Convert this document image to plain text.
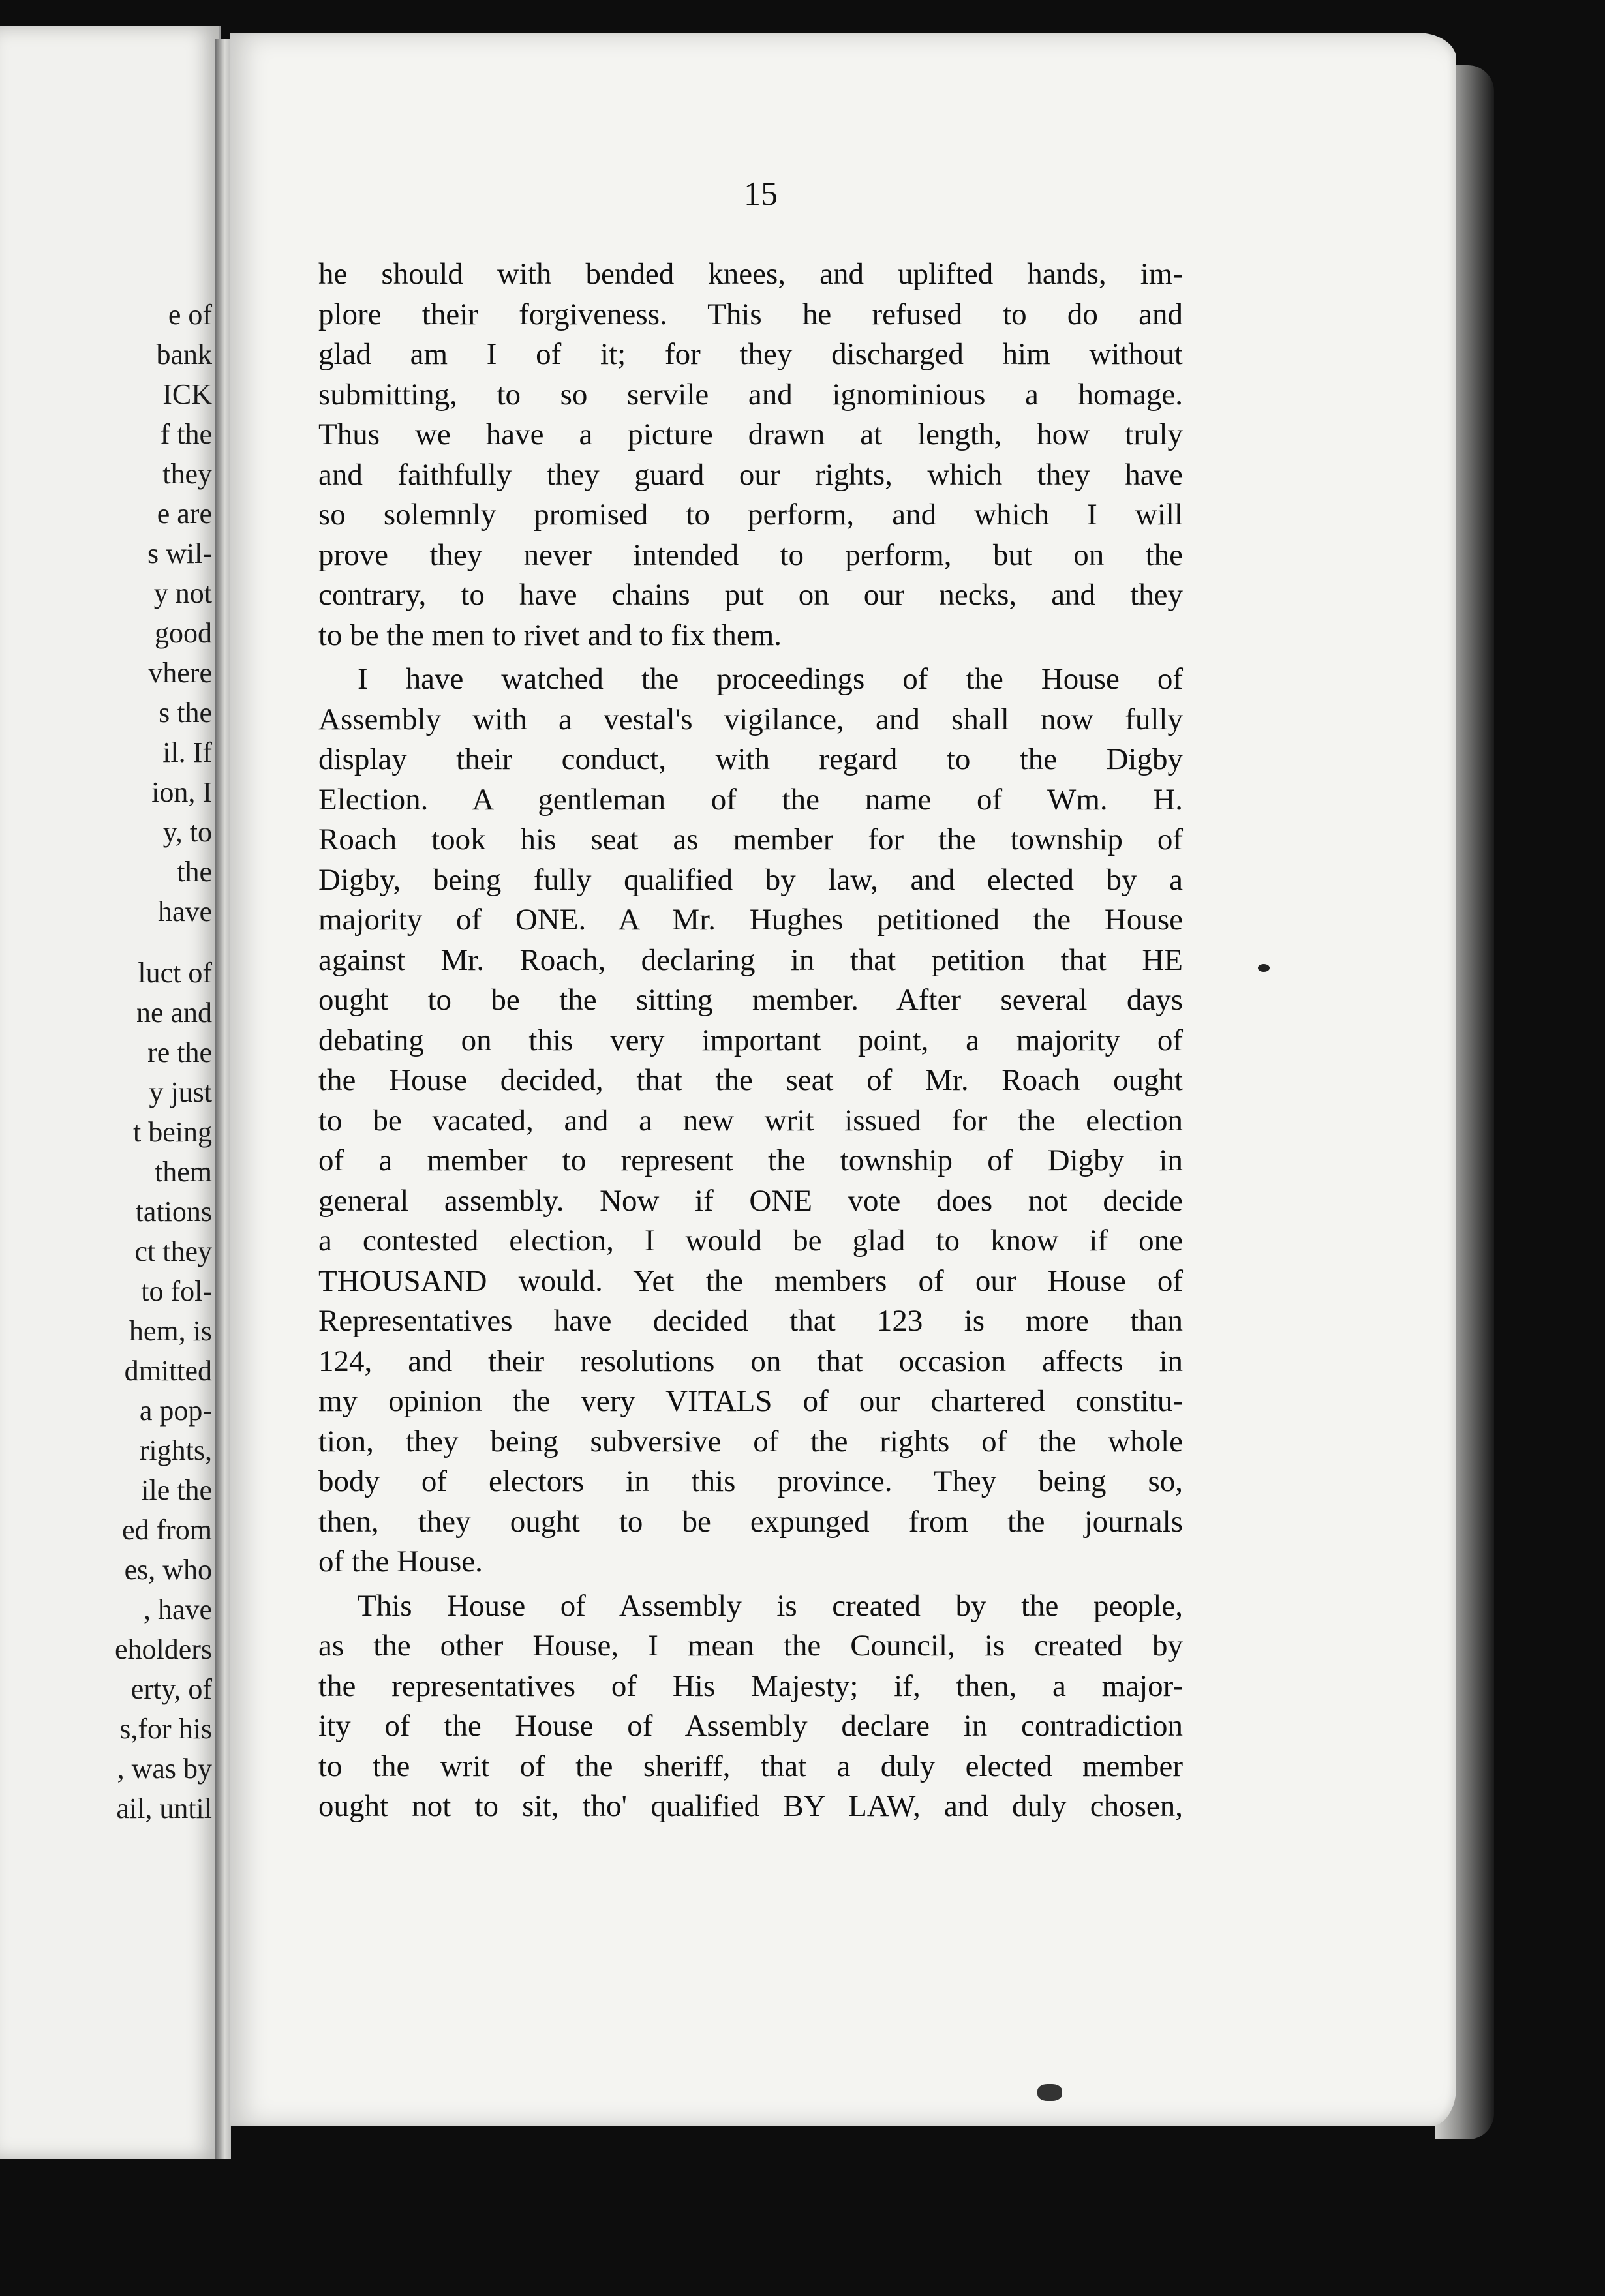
e of
bank
ICK
f the
they
e are
s wil-
y not
good
vhere
s the
il. If
ion, I
y, to
the
have
luct of
ne and
re the
y just
t being
them
tations
ct they
to fol-
hem, is
dmitted
a pop-
rights,
ile the
ed from
es, who
, have
eholders
erty, of
s,for his
, was by
ail, until
15
he should with bended knees, and uplifted hands, im-
plore their forgiveness. This he refused to do and
glad am I of it; for they discharged him without
submitting, to so servile and ignominious a homage.
Thus we have a picture drawn at length, how truly
and faithfully they guard our rights, which they have
so solemnly promised to perform, and which I will
prove they never intended to perform, but on the
contrary, to have chains put on our necks, and they
to be the men to rivet and to fix them.
I have watched the proceedings of the House of
Assembly with a vestal's vigilance, and shall now fully
display their conduct, with regard to the Digby
Election. A gentleman of the name of Wm. H.
Roach took his seat as member for the township of
Digby, being fully qualified by law, and elected by a
majority of ONE. A Mr. Hughes petitioned the House
against Mr. Roach, declaring in that petition that HE
ought to be the sitting member. After several days
debating on this very important point, a majority of
the House decided, that the seat of Mr. Roach ought
to be vacated, and a new writ issued for the election
of a member to represent the township of Digby in
general assembly. Now if ONE vote does not decide
a contested election, I would be glad to know if one
THOUSAND would. Yet the members of our House of
Representatives have decided that 123 is more than
124, and their resolutions on that occasion affects in
my opinion the very VITALS of our chartered constitu-
tion, they being subversive of the rights of the whole
body of electors in this province. They being so,
then, they ought to be expunged from the journals
of the House.
This House of Assembly is created by the people,
as the other House, I mean the Council, is created by
the representatives of His Majesty; if, then, a major-
ity of the House of Assembly declare in contradiction
to the writ of the sheriff, that a duly elected member
ought not to sit, tho' qualified BY LAW, and duly chosen,
